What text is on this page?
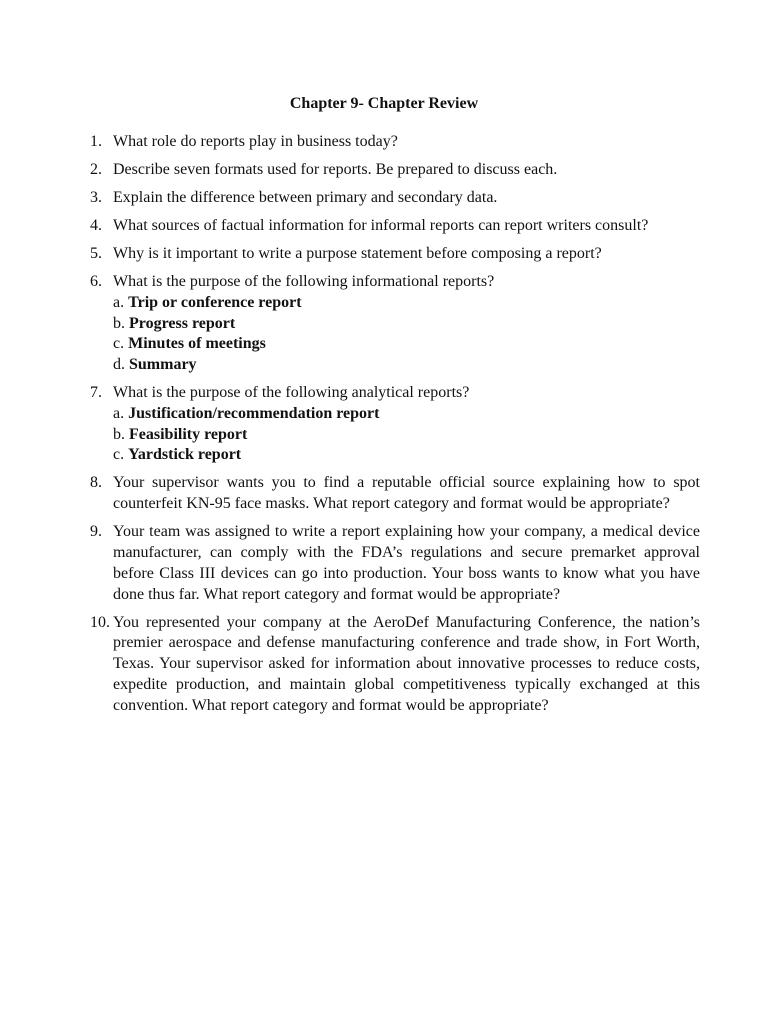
Chapter 9- Chapter Review
1. What role do reports play in business today?
2. Describe seven formats used for reports. Be prepared to discuss each.
3. Explain the difference between primary and secondary data.
4. What sources of factual information for informal reports can report writers consult?
5. Why is it important to write a purpose statement before composing a report?
6. What is the purpose of the following informational reports?
a. Trip or conference report
b. Progress report
c. Minutes of meetings
d. Summary
7. What is the purpose of the following analytical reports?
a. Justification/recommendation report
b. Feasibility report
c. Yardstick report
8. Your supervisor wants you to find a reputable official source explaining how to spot counterfeit KN-95 face masks. What report category and format would be appropriate?
9. Your team was assigned to write a report explaining how your company, a medical device manufacturer, can comply with the FDA’s regulations and secure premarket approval before Class III devices can go into production. Your boss wants to know what you have done thus far. What report category and format would be appropriate?
10. You represented your company at the AeroDef Manufacturing Conference, the nation’s premier aerospace and defense manufacturing conference and trade show, in Fort Worth, Texas. Your supervisor asked for information about innovative processes to reduce costs, expedite production, and maintain global competitiveness typically exchanged at this convention. What report category and format would be appropriate?
